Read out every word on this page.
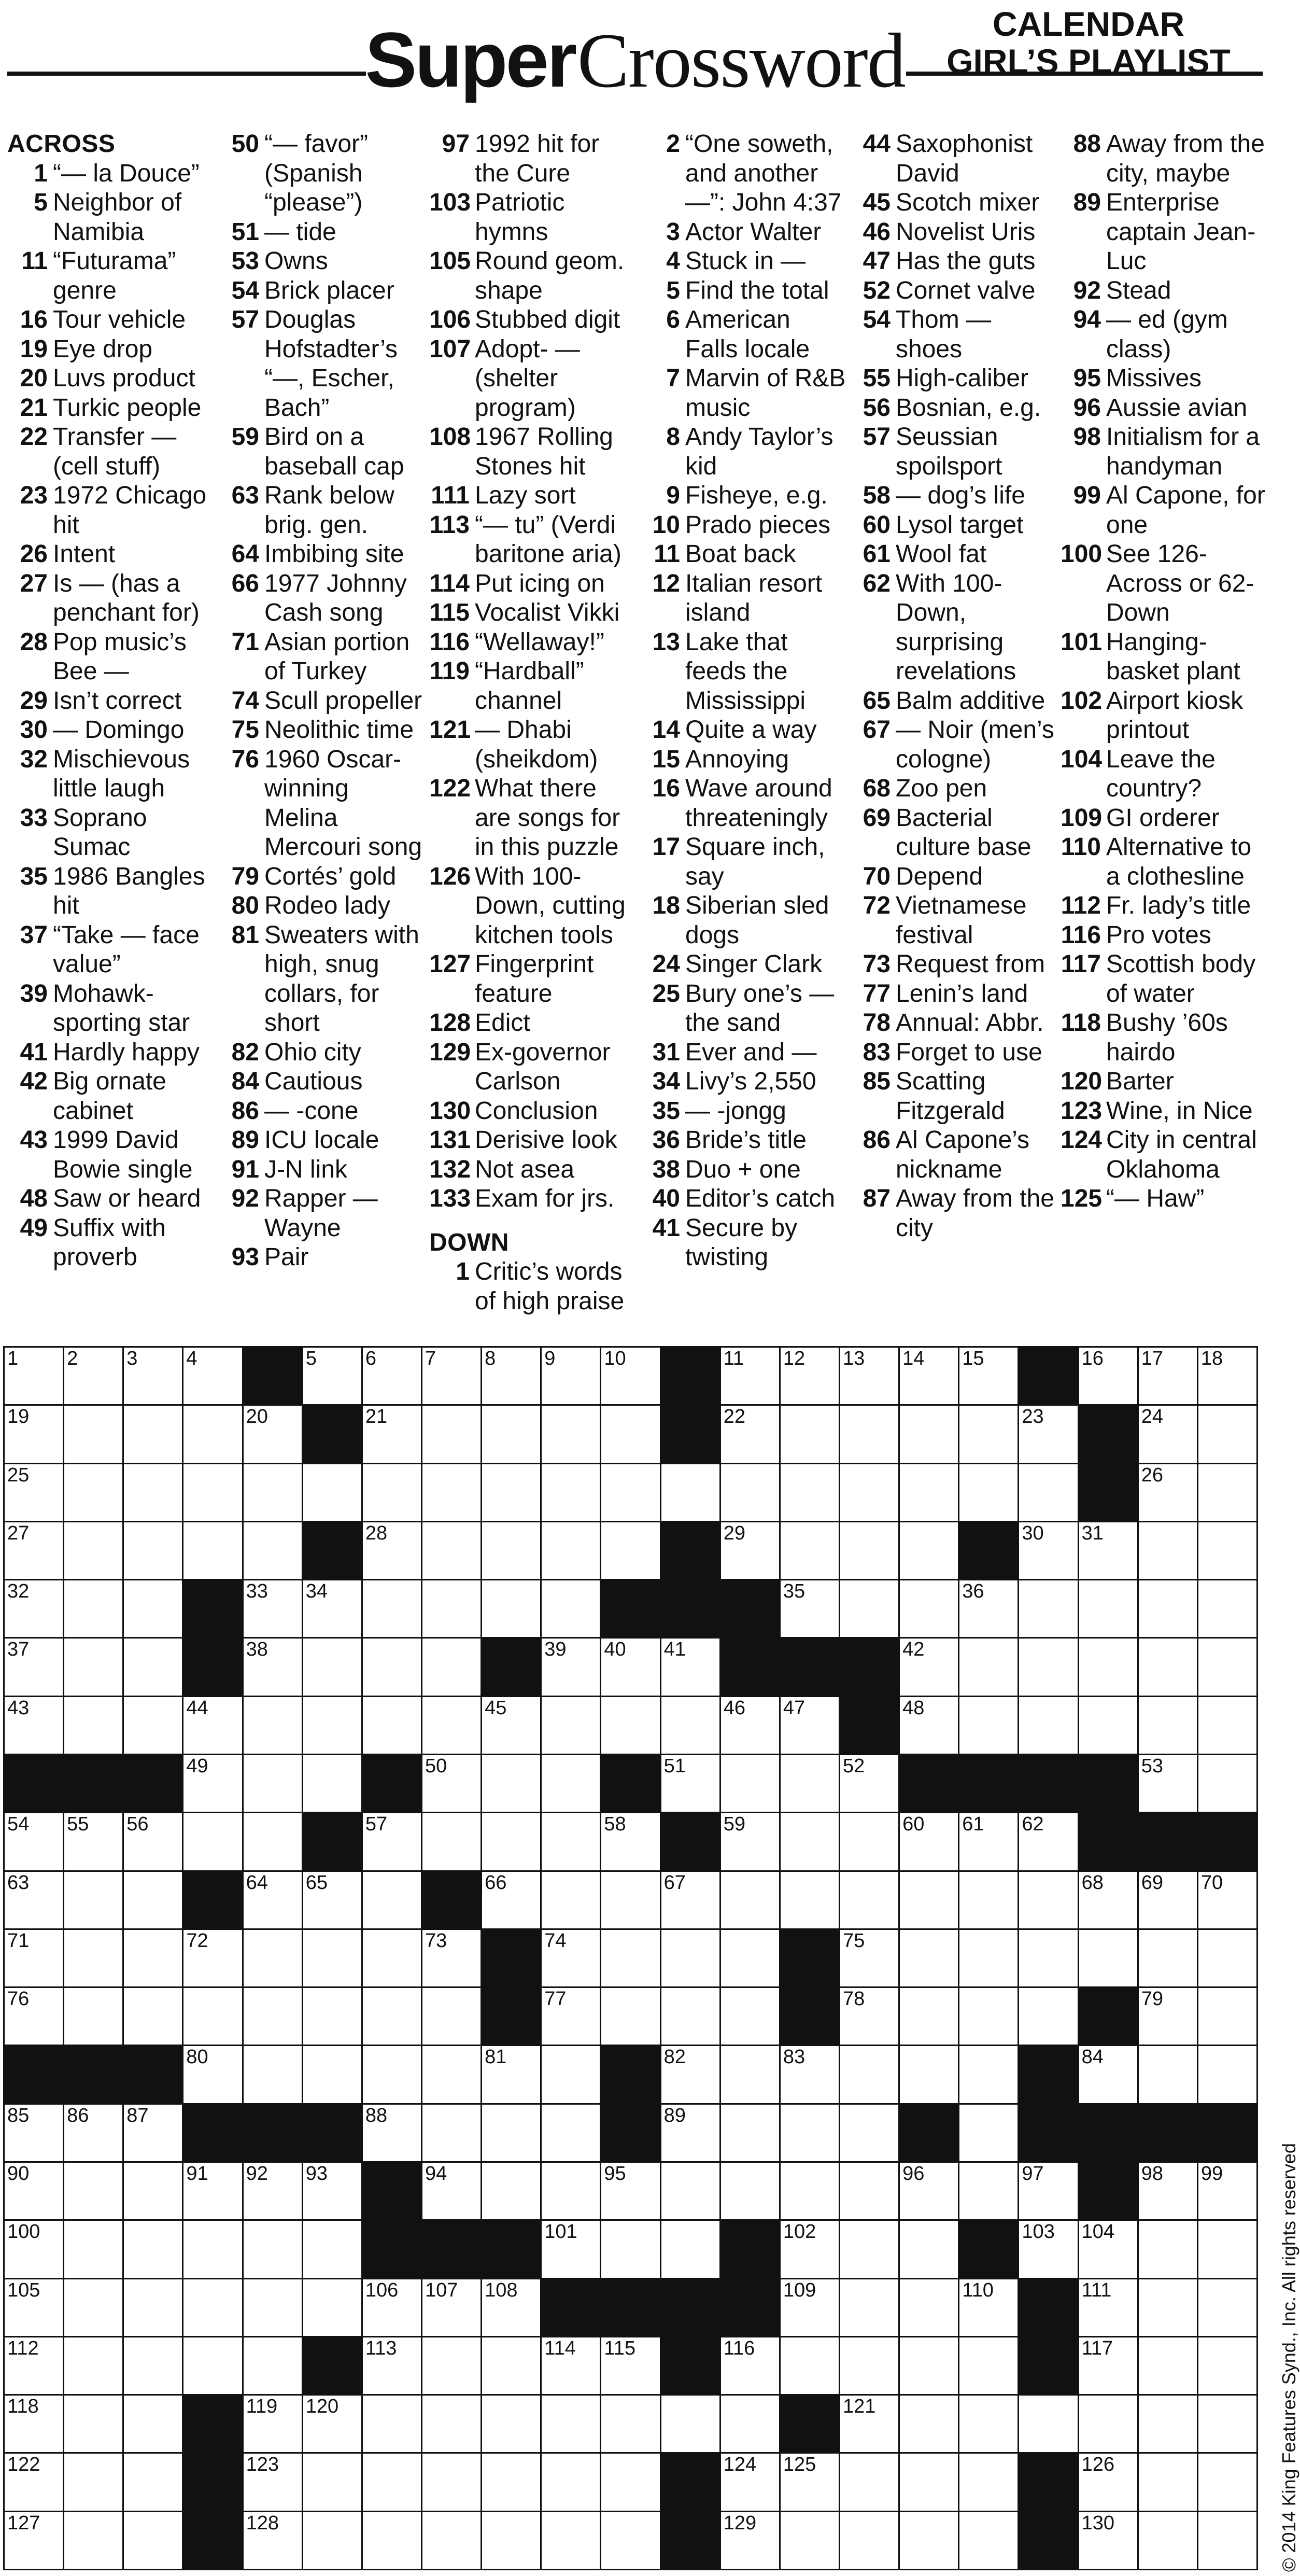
Super Crossword	CALENDAR
GIRL’S PLAYLIST
ACROSS
1 “— la Douce”
5 Neighbor of Namibia
11 “Futurama” genre
16 Tour vehicle
19 Eye drop
20 Luvs product
21 Turkic people
22 Transfer — (cell stuff)
23 1972 Chicago hit
26 Intent
27 Is — (has a penchant for)
28 Pop music’s Bee —
29 Isn’t correct
30 — Domingo
32 Mischievous little laugh
33 Soprano Sumac
35 1986 Bangles hit
37 “Take — face value”
39 Mohawk-sporting star
41 Hardly happy
42 Big ornate cabinet
43 1999 David Bowie single
48 Saw or heard
49 Suffix with proverb
50 “— favor” (Spanish “please”)
51 — tide
53 Owns
54 Brick placer
57 Douglas Hofstadter’s “—, Escher, Bach”
59 Bird on a baseball cap
63 Rank below brig. gen.
64 Imbibing site
66 1977 Johnny Cash song
71 Asian portion of Turkey
74 Scull propeller
75 Neolithic time
76 1960 Oscar-winning Melina Mercouri song
79 Cortés’ gold
80 Rodeo lady
81 Sweaters with high, snug collars, for short
82 Ohio city
84 Cautious
86 — -cone
89 ICU locale
91 J-N link
92 Rapper — Wayne
93 Pair
97 1992 hit for the Cure
103 Patriotic hymns
105 Round geom. shape
106 Stubbed digit
107 Adopt- — (shelter program)
108 1967 Rolling Stones hit
111 Lazy sort
113 “— tu” (Verdi baritone aria)
114 Put icing on
115 Vocalist Vikki
116 “Wellaway!”
119 “Hardball” channel
121 — Dhabi (sheikdom)
122 What there are songs for in this puzzle
126 With 100-Down, cutting kitchen tools
127 Fingerprint feature
128 Edict
129 Ex-governor Carlson
130 Conclusion
131 Derisive look
132 Not asea
133 Exam for jrs.
DOWN
1 Critic’s words of high praise
2 “One soweth, and another —”: John 4:37
3 Actor Walter
4 Stuck in —
5 Find the total
6 American Falls locale
7 Marvin of R&B music
8 Andy Taylor’s kid
9 Fisheye, e.g.
10 Prado pieces
11 Boat back
12 Italian resort island
13 Lake that feeds the Mississippi
14 Quite a way
15 Annoying
16 Wave around threateningly
17 Square inch, say
18 Siberian sled dogs
24 Singer Clark
25 Bury one’s — the sand
31 Ever and —
34 Livy’s 2,550
35 — -jongg
36 Bride’s title
38 Duo + one
40 Editor’s catch
41 Secure by twisting
44 Saxophonist David
45 Scotch mixer
46 Novelist Uris
47 Has the guts
52 Cornet valve
54 Thom — shoes
55 High-caliber
56 Bosnian, e.g.
57 Seussian spoilsport
58 — dog’s life
60 Lysol target
61 Wool fat
62 With 100-Down, surprising revelations
65 Balm additive
67 — Noir (men’s cologne)
68 Zoo pen
69 Bacterial culture base
70 Depend
72 Vietnamese festival
73 Request from
77 Lenin’s land
78 Annual: Abbr.
83 Forget to use
85 Scatting Fitzgerald
86 Al Capone’s nickname
87 Away from the city
88 Away from the city, maybe
89 Enterprise captain Jean-Luc
92 Stead
94 — ed (gym class)
95 Missives
96 Aussie avian
98 Initialism for a handyman
99 Al Capone, for one
100 See 126-Across or 62-Down
101 Hanging-basket plant
102 Airport kiosk printout
104 Leave the country?
109 GI orderer
110 Alternative to a clothesline
112 Fr. lady’s title
116 Pro votes
117 Scottish body of water
118 Bushy ’60s hairdo
120 Barter
123 Wine, in Nice
124 City in central Oklahoma
125 “— Haw”
1 2 3 4	5 6 7 8 9 10	11 12 13 14 15	16 17 18
19	20	21	22	23	24
25	26
27	28	29	30 31
32	33 34	35	36
37	38	39 40 41	42
43	44	45	46 47	48
49	50	51	52	53
54 55 56	57	58	59	60 61 62
63	64 65	66	67	68 69 70
71	72	73	74	75
76	77	78	79
80	81	82	83	84
85 86 87	88	89
90	91 92 93	94	95	96	97	98 99
100	101	102	103 104
105	106 107 108	109	110	111
112	113	114 115	116	117
118	119 120	121
122	123	124 125	126
127	128	129	130	© 2014 King Features Synd., Inc. All rights reserved
